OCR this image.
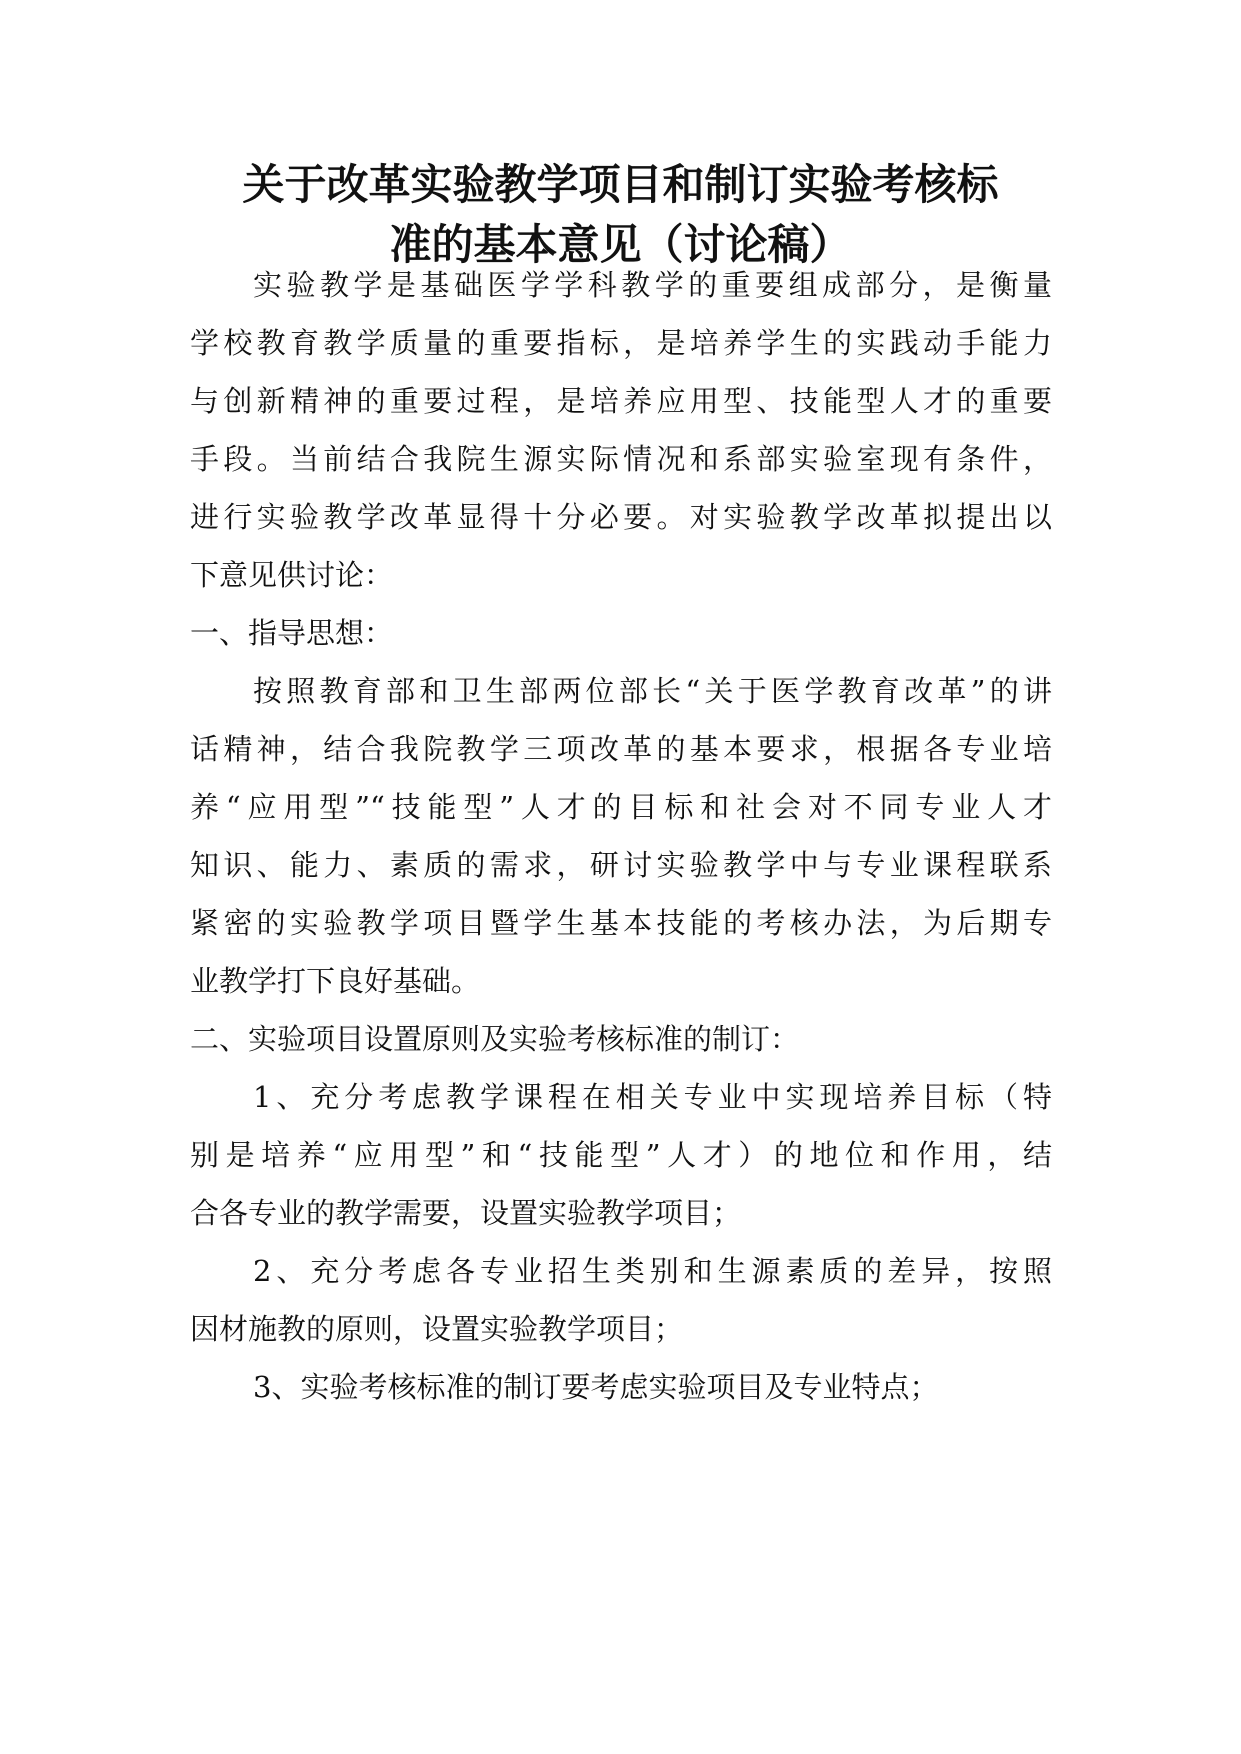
关于改革实验教学项目和制订实验考核标
准的基本意见（讨论稿）
实验教学是基础医学学科教学的重要组成部分，是衡量
学校教育教学质量的重要指标，是培养学生的实践动手能力
与创新精神的重要过程，是培养应用型、技能型人才的重要
手段。当前结合我院生源实际情况和系部实验室现有条件，
进行实验教学改革显得十分必要。对实验教学改革拟提出以
下意见供讨论：
一、指导思想：
按照教育部和卫生部两位部长“关于医学教育改革”的讲
话精神，结合我院教学三项改革的基本要求，根据各专业培
养“应用型”“技能型”人才的目标和社会对不同专业人才
知识、能力、素质的需求，研讨实验教学中与专业课程联系
紧密的实验教学项目暨学生基本技能的考核办法，为后期专
业教学打下良好基础。
二、实验项目设置原则及实验考核标准的制订：
1、充分考虑教学课程在相关专业中实现培养目标（特
别是培养“应用型”和“技能型”人才）的地位和作用，结
合各专业的教学需要，设置实验教学项目；
2、充分考虑各专业招生类别和生源素质的差异，按照
因材施教的原则，设置实验教学项目；
3、实验考核标准的制订要考虑实验项目及专业特点；
